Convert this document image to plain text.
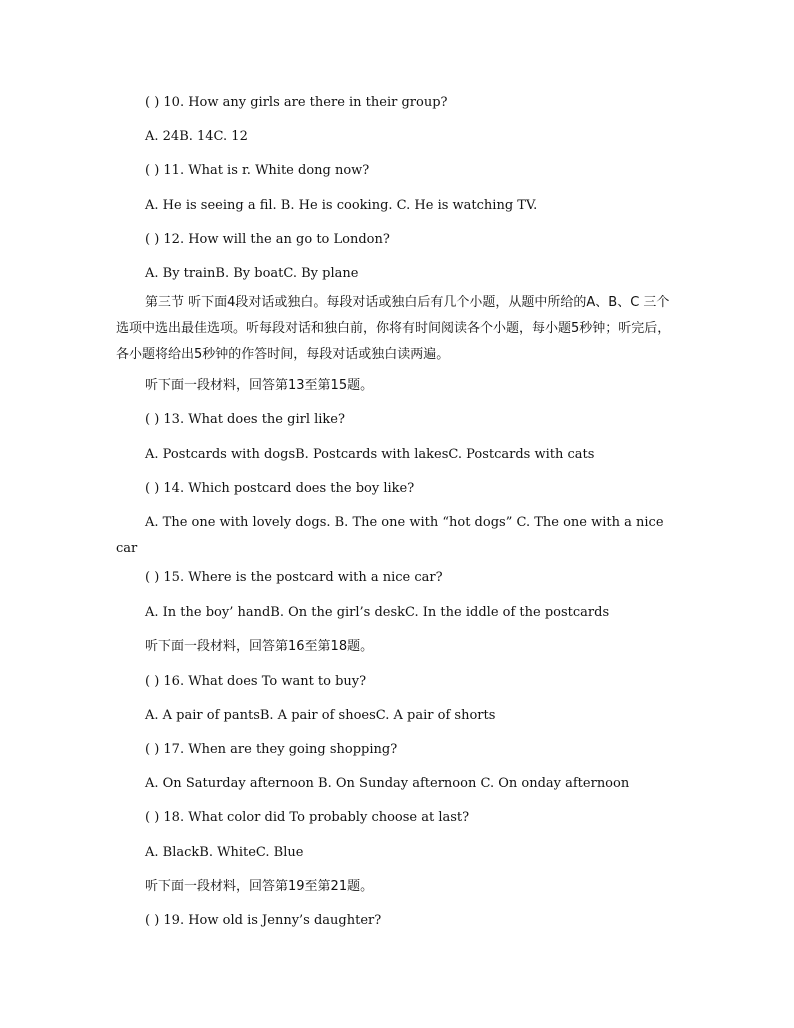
( ) 10. How any girls are there in their group?
A. 24B. 14C. 12
( ) 11. What is r. White dong now?
A. He is seeing a fil. B. He is cooking. C. He is watching TV.
( ) 12. How will the an go to London?
A. By trainB. By boatC. By plane
第三节 听下面4段对话或独白。每段对话或独白后有几个小题，从题中所给的A、B、C 三个选项中选出最佳选项。听每段对话和独白前，你将有时间阅读各个小题，每小题5秒钟；听完后，各小题将给出5秒钟的作答时间，每段对话或独白读两遍。
听下面一段材料，回答第13至第15题。
( ) 13. What does the girl like?
A. Postcards with dogsB. Postcards with lakesC. Postcards with cats
( ) 14. Which postcard does the boy like?
A. The one with lovely dogs. B. The one with “hot dogs” C. The one with a nice car
( ) 15. Where is the postcard with a nice car?
A. In the boy’ handB. On the girl’s deskC. In the iddle of the postcards
听下面一段材料，回答第16至第18题。
( ) 16. What does To want to buy?
A. A pair of pantsB. A pair of shoesC. A pair of shorts
( ) 17. When are they going shopping?
A. On Saturday afternoon B. On Sunday afternoon C. On onday afternoon
( ) 18. What color did To probably choose at last?
A. BlackB. WhiteC. Blue
听下面一段材料，回答第19至第21题。
( ) 19. How old is Jenny’s daughter?
